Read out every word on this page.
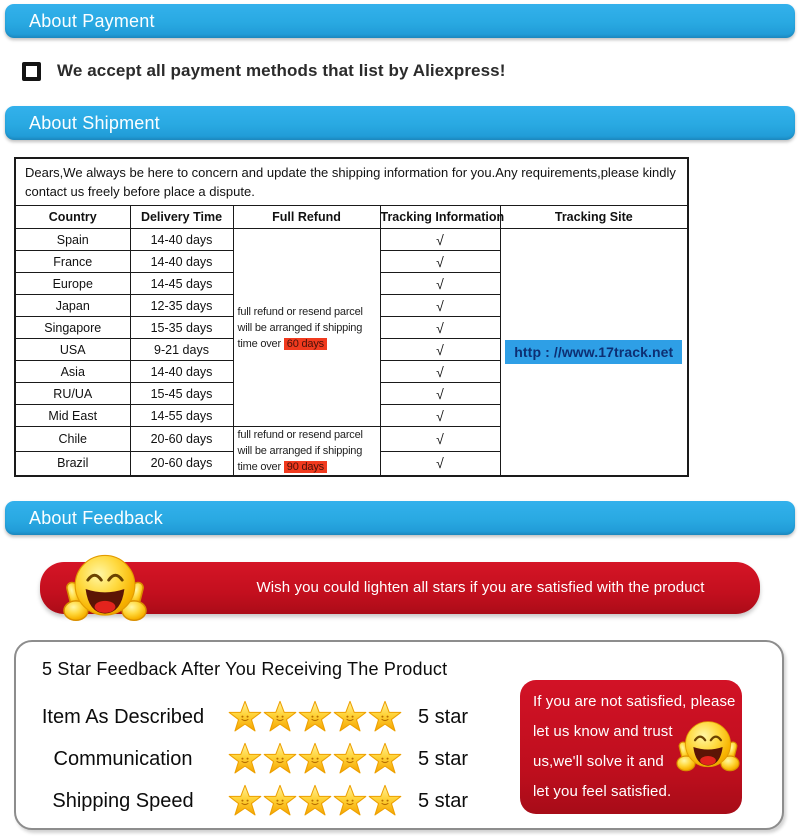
About Payment
We accept all payment methods that list by Aliexpress!
About Shipment
Dears,We always be here to concern and update the shipping information for you.Any requirements,please kindly contact us freely before place a dispute.				
Country	Delivery Time	Full Refund	Tracking Information	Tracking Site
Spain	14-40 days	full refund or resend parcel will be arranged if shipping time over 60 days	√	http : //www.17track.net
France	14-40 days		√	
Europe	14-45 days		√	
Japan	12-35 days		√	
Singapore	15-35 days		√	
USA	9-21 days		√	
Asia	14-40 days		√	
RU/UA	15-45 days		√	
Mid East	14-55 days		√	
Chile	20-60 days	full refund or resend parcel will be arranged if shipping time over 90 days	√	
Brazil	20-60 days		√	
About Feedback
Wish you could lighten all stars if you are satisfied with the product
5 Star Feedback After You Receiving The Product
Item As Described	5 star
Communication	5 star
Shipping Speed	5 star
If you are not satisfied, please
let us know and trust
us,we'll solve it and
let you feel satisfied.
